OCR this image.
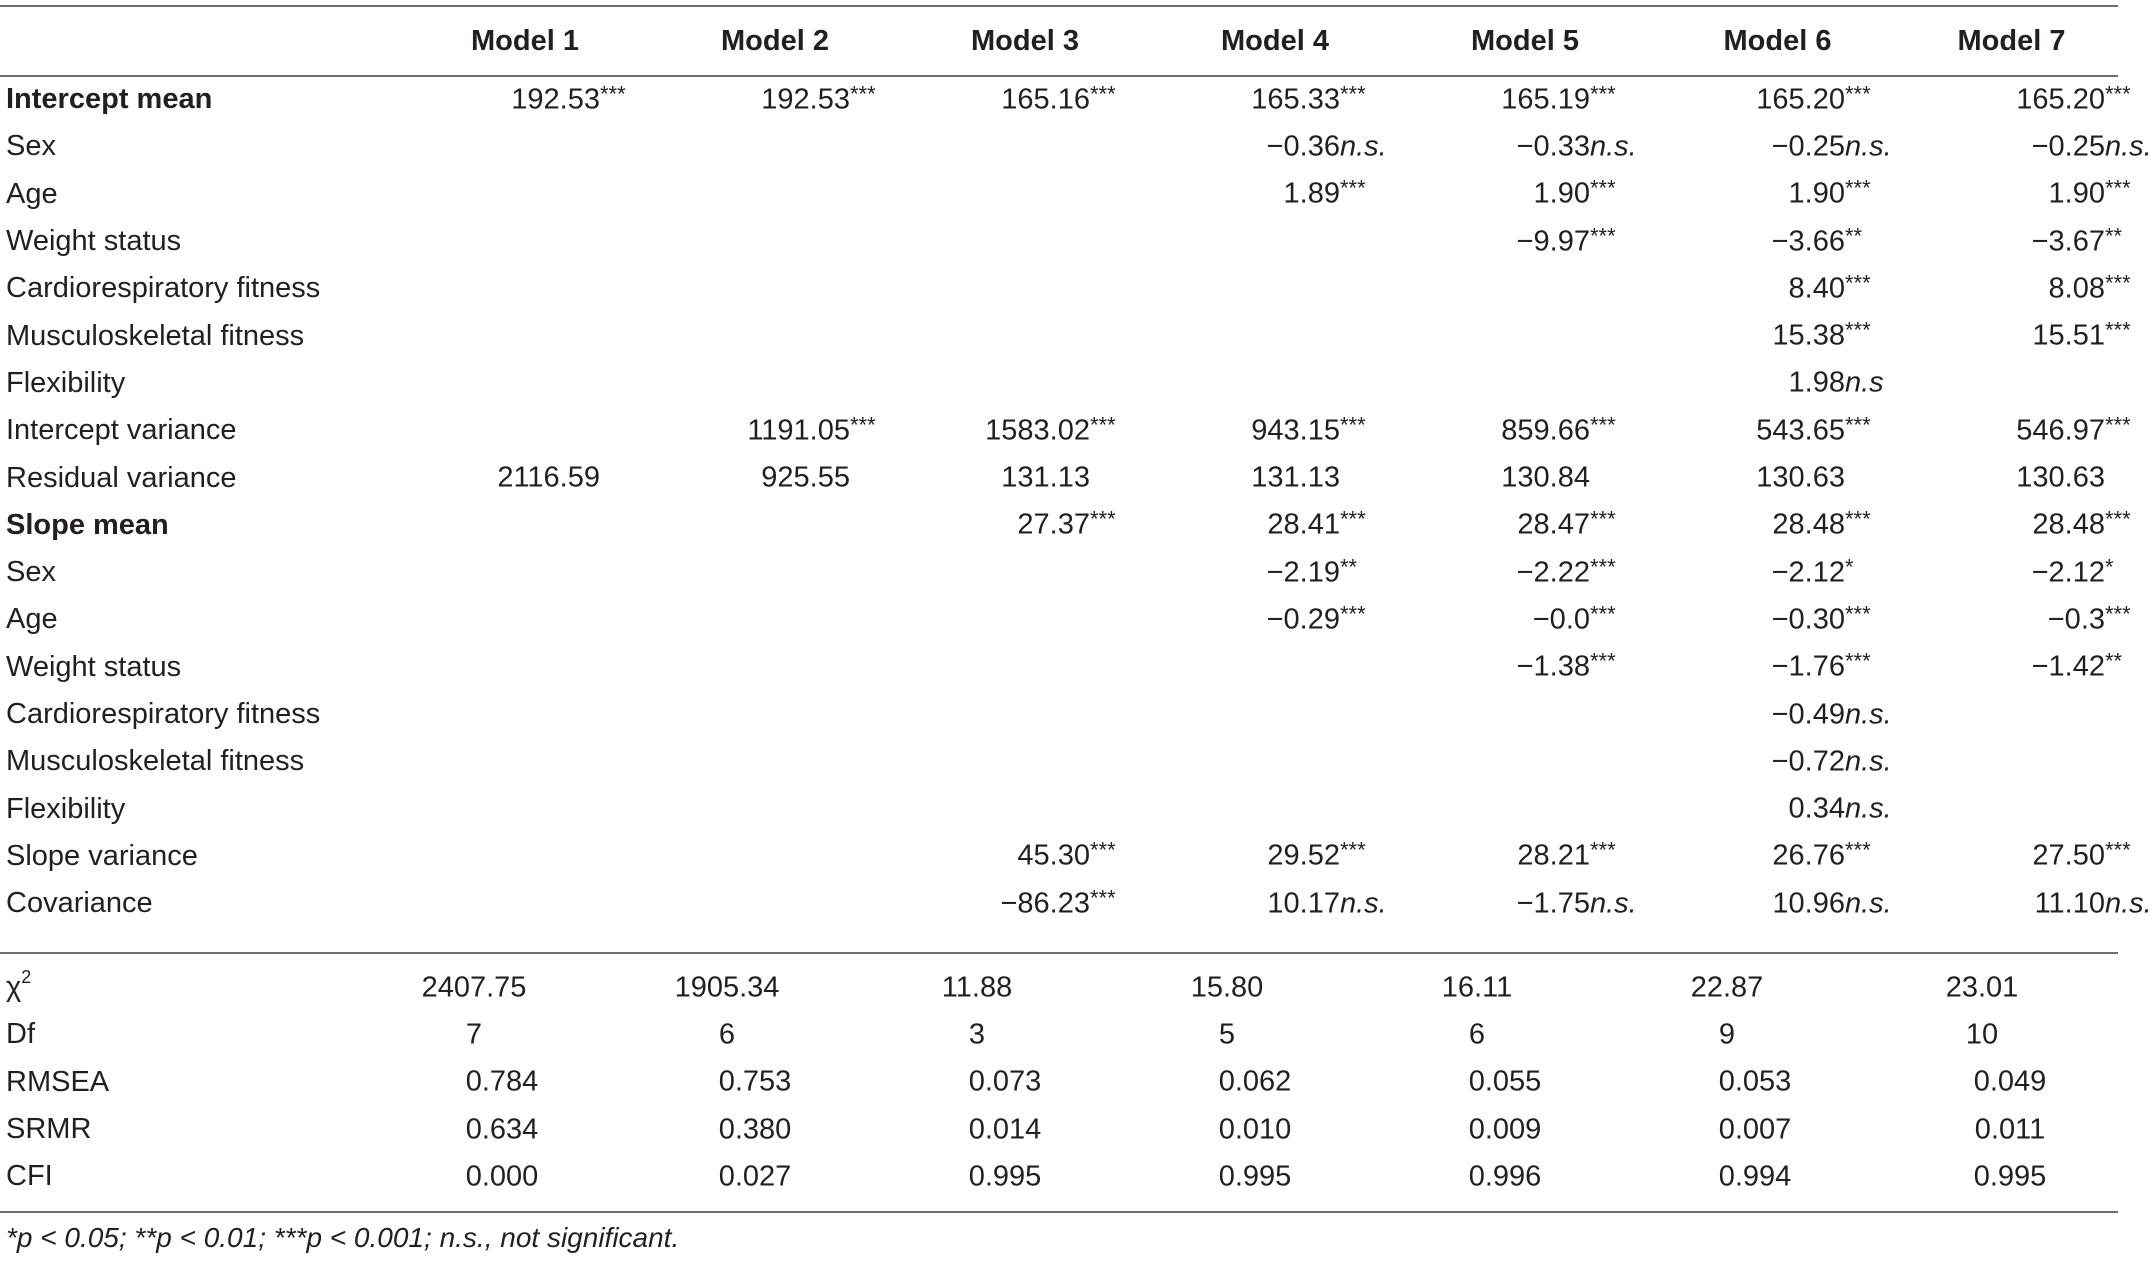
	Model 1	Model 2	Model 3	Model 4	Model 5	Model 6	Model 7
Intercept mean	192.53 ***	192.53 ***	165.16 ***	165.33 ***	165.19 ***	165.20 ***	165.20 ***

Sex				−0.36 n.s.	−0.33 n.s.	−0.25 n.s.	−0.25 n.s.

Age				1.89 ***	1.90 ***	1.90 ***	1.90 ***

Weight status					−9.97 ***	−3.66 **	−3.67 **

Cardiorespiratory fitness						8.40 ***	8.08 ***

Musculoskeletal fitness						15.38 ***	15.51 ***

Flexibility						1.98 n.s	

Intercept variance		1191.05 ***	1583.02 ***	943.15 ***	859.66 ***	543.65 ***	546.97 ***

Residual variance	2116.59	925.55	131.13	131.13	130.84	130.63	130.63

Slope mean			27.37 ***	28.41 ***	28.47 ***	28.48 ***	28.48 ***

Sex				−2.19 **	−2.22 ***	−2.12 *	−2.12 *

Age				−0.29 ***	−0.0 ***	−0.30 ***	−0.3 ***

Weight status					−1.38 ***	−1.76 ***	−1.42 **

Cardiorespiratory fitness						−0.49 n.s.	

Musculoskeletal fitness						−0.72 n.s.	

Flexibility						0.34 n.s.	

Slope variance			45.30 ***	29.52 ***	28.21 ***	26.76 ***	27.50 ***

Covariance			−86.23 ***	10.17 n.s.	−1.75 n.s.	10.96 n.s.	11.10 n.s.
$\chi^2$	2407.75	1905.34	11.88	15.80	16.11	22.87	23.01

Df	7	6	3	5	6	9	10

RMSEA	0.784	0.753	0.073	0.062	0.055	0.053	0.049

SRMR	0.634	0.380	0.014	0.010	0.009	0.007	0.011

CFI	0.000	0.027	0.995	0.995	0.996	0.994	0.995
*p < 0.05; **p < 0.01; ***p < 0.001; n.s., not significant.
